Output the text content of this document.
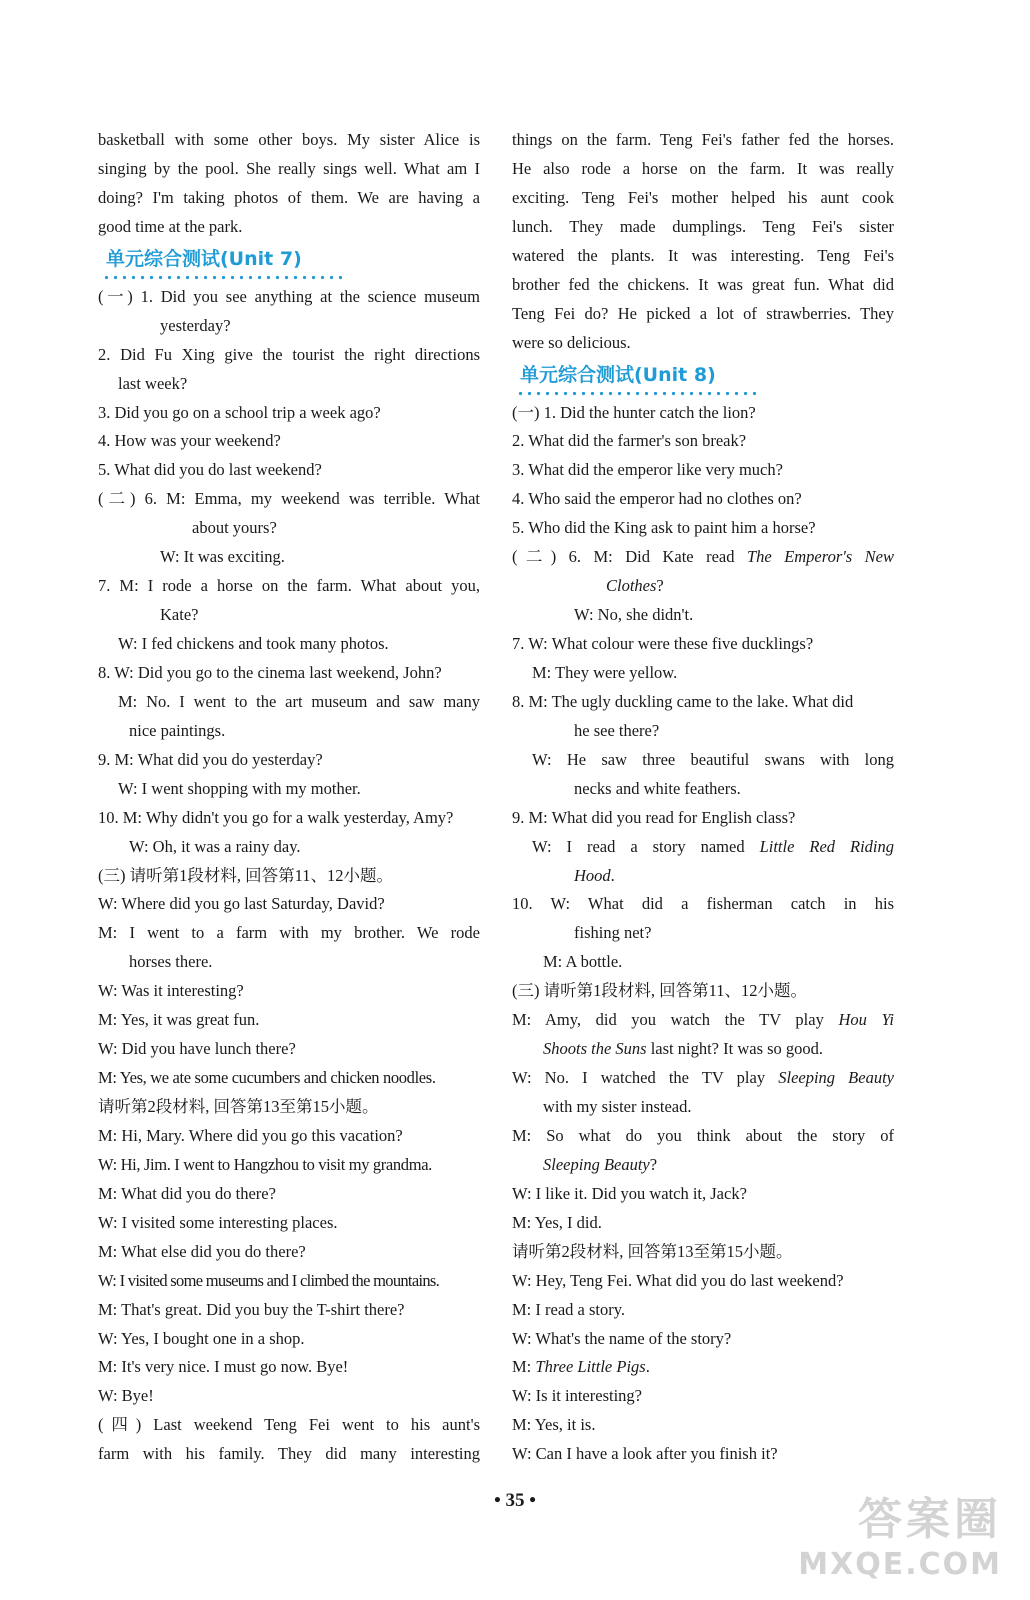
basketball with some other boys. My sister Alice is
singing by the pool. She really sings well. What am I
doing? I'm taking photos of them. We are having a
good time at the park.
单元综合测试(Unit 7)
(一) 1. Did you see anything at the science museum
yesterday?
2. Did Fu Xing give the tourist the right directions
last week?
3. Did you go on a school trip a week ago?
4. How was your weekend?
5. What did you do last weekend?
(二) 6. M: Emma, my weekend was terrible. What
about yours?
W: It was exciting.
7. M: I rode a horse on the farm. What about you,
Kate?
W: I fed chickens and took many photos.
8. W: Did you go to the cinema last weekend, John?
M: No. I went to the art museum and saw many
nice paintings.
9. M: What did you do yesterday?
W: I went shopping with my mother.
10. M: Why didn't you go for a walk yesterday, Amy?
W: Oh, it was a rainy day.
(三) 请听第1段材料, 回答第11、12小题。
W: Where did you go last Saturday, David?
M: I went to a farm with my brother. We rode
horses there.
W: Was it interesting?
M: Yes, it was great fun.
W: Did you have lunch there?
M: Yes, we ate some cucumbers and chicken noodles.
请听第2段材料, 回答第13至第15小题。
M: Hi, Mary. Where did you go this vacation?
W: Hi, Jim. I went to Hangzhou to visit my grandma.
M: What did you do there?
W: I visited some interesting places.
M: What else did you do there?
W: I visited some museums and I climbed the mountains.
M: That's great. Did you buy the T-shirt there?
W: Yes, I bought one in a shop.
M: It's very nice. I must go now. Bye!
W: Bye!
(四) Last weekend Teng Fei went to his aunt's
farm with his family. They did many interesting
things on the farm. Teng Fei's father fed the horses.
He also rode a horse on the farm. It was really
exciting. Teng Fei's mother helped his aunt cook
lunch. They made dumplings. Teng Fei's sister
watered the plants. It was interesting. Teng Fei's
brother fed the chickens. It was great fun. What did
Teng Fei do? He picked a lot of strawberries. They
were so delicious.
单元综合测试(Unit 8)
(一) 1. Did the hunter catch the lion?
2. What did the farmer's son break?
3. What did the emperor like very much?
4. Who said the emperor had no clothes on?
5. Who did the King ask to paint him a horse?
(二) 6. M: Did Kate read The Emperor's New
Clothes?
W: No, she didn't.
7. W: What colour were these five ducklings?
M: They were yellow.
8. M: The ugly duckling came to the lake. What did
he see there?
W: He saw three beautiful swans with long
necks and white feathers.
9. M: What did you read for English class?
W: I read a story named Little Red Riding
Hood.
10. W: What did a fisherman catch in his
fishing net?
M: A bottle.
(三) 请听第1段材料, 回答第11、12小题。
M: Amy, did you watch the TV play Hou Yi
Shoots the Suns last night? It was so good.
W: No. I watched the TV play Sleeping Beauty
with my sister instead.
M: So what do you think about the story of
Sleeping Beauty?
W: I like it. Did you watch it, Jack?
M: Yes, I did.
请听第2段材料, 回答第13至第15小题。
W: Hey, Teng Fei. What did you do last weekend?
M: I read a story.
W: What's the name of the story?
M: Three Little Pigs.
W: Is it interesting?
M: Yes, it is.
W: Can I have a look after you finish it?
• 35 •	答案圈
MXQE.COM
